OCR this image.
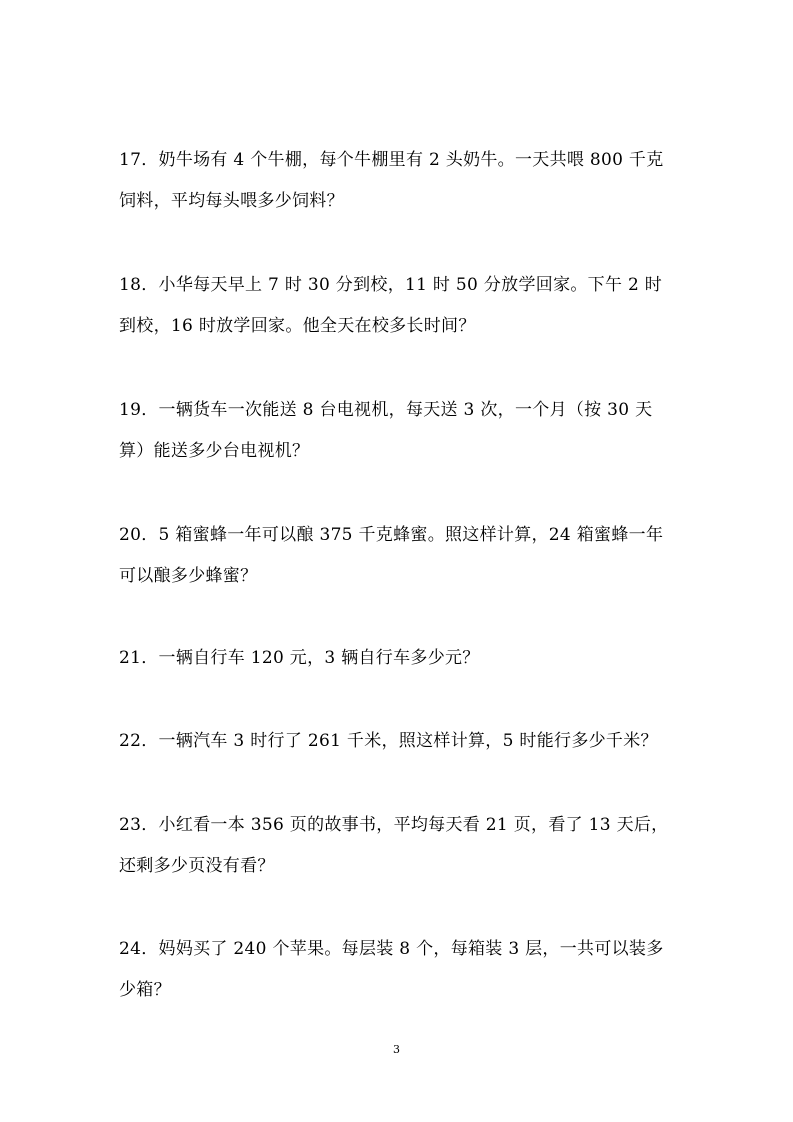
17．奶牛场有 4 个牛棚，每个牛棚里有 2 头奶牛。一天共喂 800 千克
饲料，平均每头喂多少饲料？
18．小华每天早上 7 时 30 分到校，11 时 50 分放学回家。下午 2 时
到校，16 时放学回家。他全天在校多长时间？
19．一辆货车一次能送 8 台电视机，每天送 3 次，一个月（按 30 天
算）能送多少台电视机？
20．5 箱蜜蜂一年可以酿 375 千克蜂蜜。照这样计算，24 箱蜜蜂一年
可以酿多少蜂蜜？
21．一辆自行车 120 元，3 辆自行车多少元？
22．一辆汽车 3 时行了 261 千米，照这样计算，5 时能行多少千米？
23．小红看一本 356 页的故事书，平均每天看 21 页，看了 13 天后，
还剩多少页没有看？
24．妈妈买了 240 个苹果。每层装 8 个，每箱装 3 层，一共可以装多
少箱？
3
